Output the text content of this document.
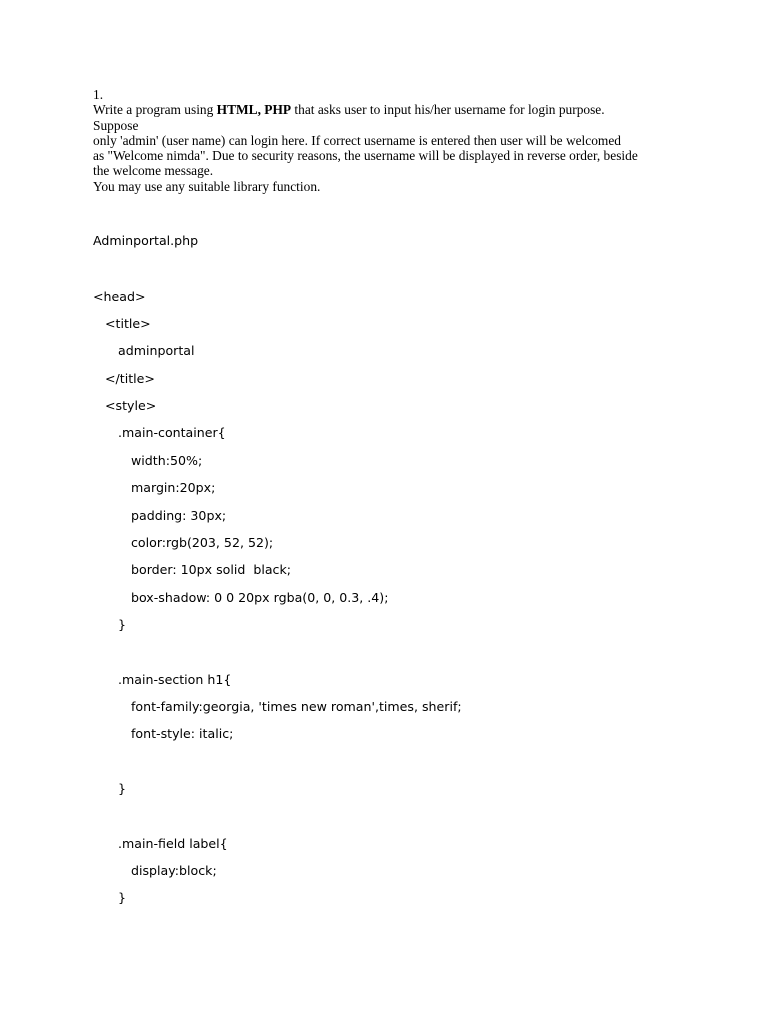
1.
Write a program using HTML, PHP that asks user to input his/her username for login purpose.
Suppose
only 'admin' (user name) can login here. If correct username is entered then user will be welcomed
as "Welcome nimda". Due to security reasons, the username will be displayed in reverse order, beside
the welcome message.
You may use any suitable library function.
Adminportal.php
<head>
<title>
adminportal
</title>
<style>
.main-container{
width:50%;
margin:20px;
padding: 30px;
color:rgb(203, 52, 52);
border: 10px solid  black;
box-shadow: 0 0 20px rgba(0, 0, 0.3, .4);
}
.main-section h1{
font-family:georgia, 'times new roman',times, sherif;
font-style: italic;
}
.main-field label{
display:block;
}
